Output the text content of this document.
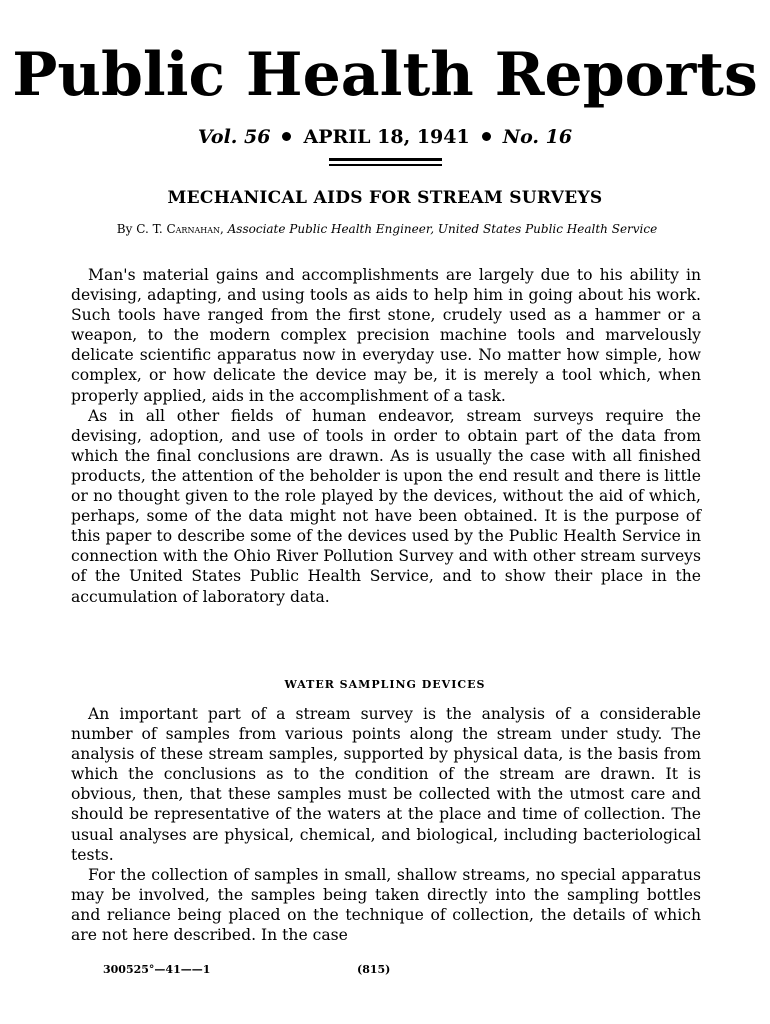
Public Health Reports
Vol. 56 APRIL 18, 1941 No. 16
MECHANICAL AIDS FOR STREAM SURVEYS
By C. T. Carnahan, Associate Public Health Engineer, United States Public Health Service

Man's material gains and accomplishments are largely due to his ability in devising, adapting, and using tools as aids to help him in going about his work. Such tools have ranged from the first stone, crudely used as a hammer or a weapon, to the modern complex precision machine tools and marvelously delicate scientific apparatus now in everyday use. No matter how simple, how complex, or how delicate the device may be, it is merely a tool which, when properly applied, aids in the accomplishment of a task.

As in all other fields of human endeavor, stream surveys require the devising, adoption, and use of tools in order to obtain part of the data from which the final conclusions are drawn. As is usually the case with all finished products, the attention of the beholder is upon the end result and there is little or no thought given to the role played by the devices, without the aid of which, perhaps, some of the data might not have been obtained. It is the purpose of this paper to describe some of the devices used by the Public Health Service in connection with the Ohio River Pollution Survey and with other stream surveys of the United States Public Health Service, and to show their place in the accumulation of laboratory data.

WATER SAMPLING DEVICES

An important part of a stream survey is the analysis of a considerable number of samples from various points along the stream under study. The analysis of these stream samples, supported by physical data, is the basis from which the conclusions as to the condition of the stream are drawn. It is obvious, then, that these samples must be collected with the utmost care and should be representative of the waters at the place and time of collection. The usual analyses are physical, chemical, and biological, including bacteriological tests.

For the collection of samples in small, shallow streams, no special apparatus may be involved, the samples being taken directly into the sampling bottles and reliance being placed on the technique of collection, the details of which are not here described. In the case

300525°—41——1	(815)
